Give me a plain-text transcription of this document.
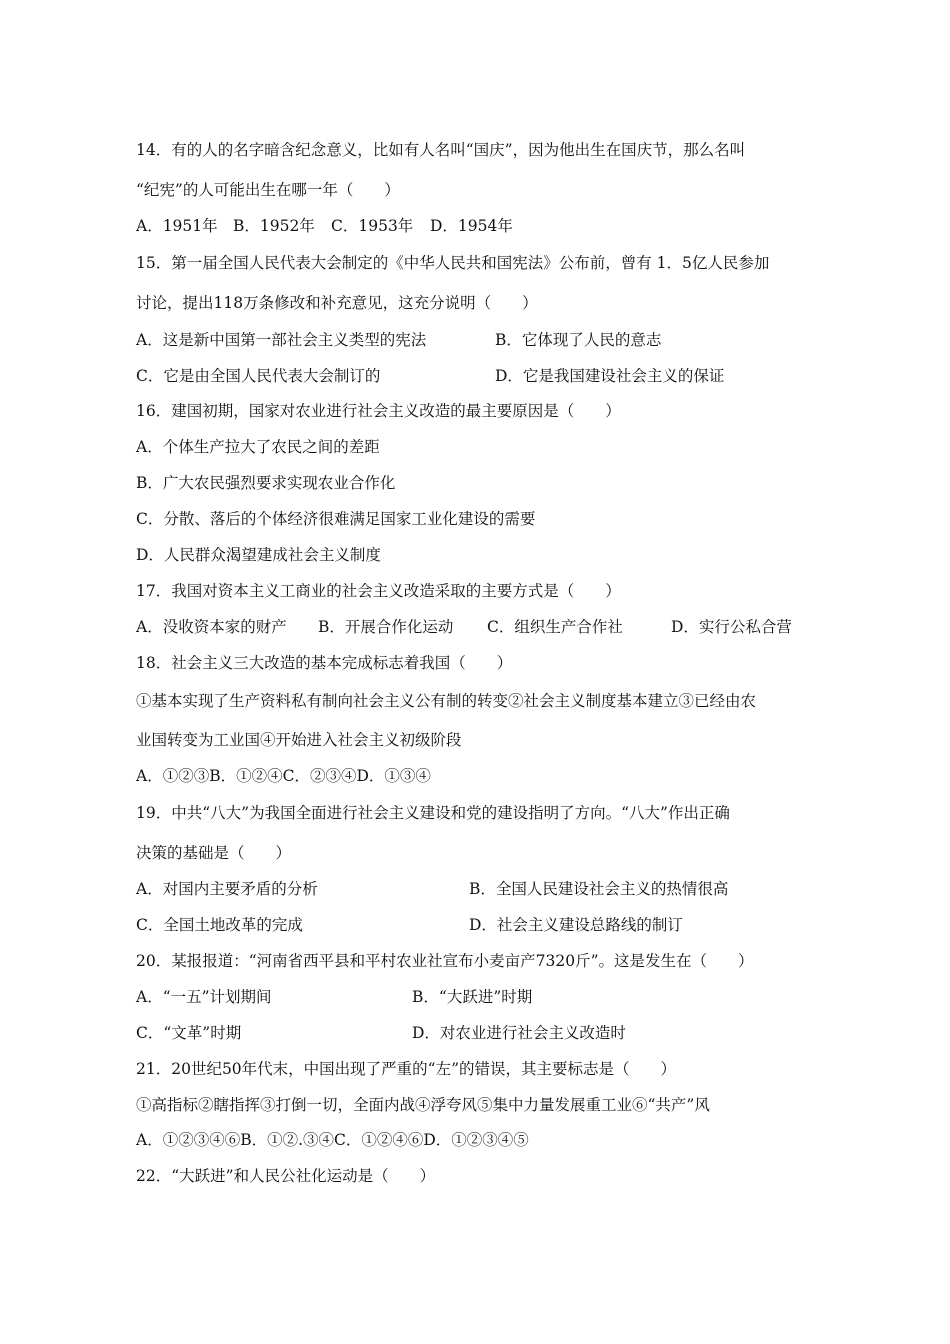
14．有的人的名字暗含纪念意义，比如有人名叫“国庆”，因为他出生在国庆节，那么名叫
“纪宪”的人可能出生在哪一年（　　）
A．1951年 B．1952年 C．1953年 D．1954年
15．第一届全国人民代表大会制定的《中华人民共和国宪法》公布前，曾有 1．5亿人民参加
讨论，提出118万条修改和补充意见，这充分说明（　　）
A．这是新中国第一部社会主义类型的宪法	B．它体现了人民的意志
C．它是由全国人民代表大会制订的	D．它是我国建设社会主义的保证
16．建国初期，国家对农业进行社会主义改造的最主要原因是（　　）
A．个体生产拉大了农民之间的差距
B．广大农民强烈要求实现农业合作化
C．分散、落后的个体经济很难满足国家工业化建设的需要
D．人民群众渴望建成社会主义制度
17．我国对资本主义工商业的社会主义改造采取的主要方式是（　　）
A．没收资本家的财产 B．开展合作化运动 C．组织生产合作社	D．实行公私合营
18．社会主义三大改造的基本完成标志着我国（　　）
①基本实现了生产资料私有制向社会主义公有制的转变②社会主义制度基本建立③已经由农
业国转变为工业国④开始进入社会主义初级阶段
A．①②③B．①②④C．②③④D．①③④
19．中共“八大”为我国全面进行社会主义建设和党的建设指明了方向。“八大”作出正确
决策的基础是（　　）
A．对国内主要矛盾的分析	B．全国人民建设社会主义的热情很高
C．全国土地改革的完成	D．社会主义建设总路线的制订
20．某报报道：“河南省西平县和平村农业社宣布小麦亩产7320斤”。这是发生在（　　）
A．“一五”计划期间	B．“大跃进”时期
C．“文革”时期	D．对农业进行社会主义改造时
21．20世纪50年代末，中国出现了严重的“左”的错误，其主要标志是（　　）
①高指标②瞎指挥③打倒一切，全面内战④浮夸风⑤集中力量发展重工业⑥“共产”风
A．①②③④⑥B．①②.③④C．①②④⑥D．①②③④⑤
22．“大跃进”和人民公社化运动是（　　）
